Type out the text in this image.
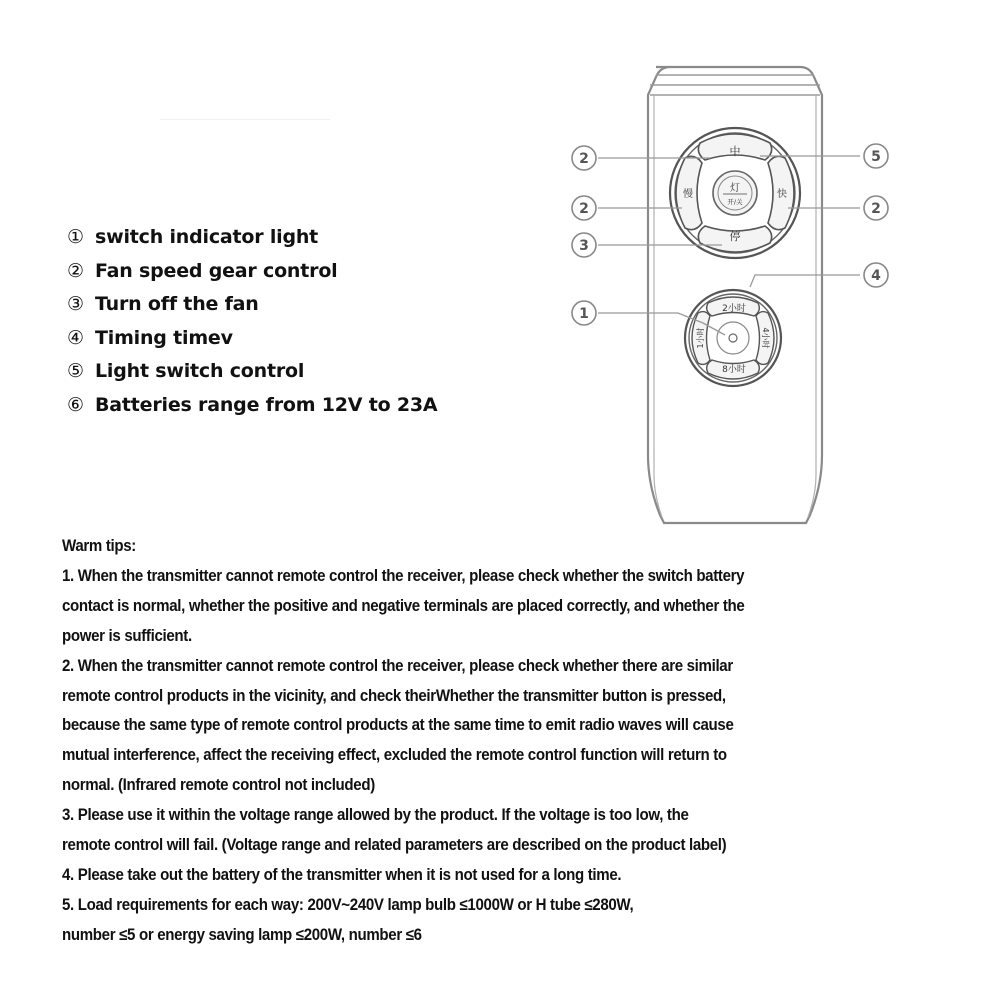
① switch indicator light
② Fan speed gear control
③ Turn off the fan
④ Timing timev
⑤ Light switch control
⑥ Batteries range from 12V to 23A
中
停
慢	快
灯
开/关
2小时
8小时
1小时	4小时
2
2
3
1
5
2
4
Warm tips:
1. When the transmitter cannot remote control the receiver, please check whether the switch battery
contact is normal, whether the positive and negative terminals are placed correctly, and whether the
power is sufficient.
2. When the transmitter cannot remote control the receiver, please check whether there are similar
remote control products in the vicinity, and check theirWhether the transmitter button is pressed,
because the same type of remote control products at the same time to emit radio waves will cause
mutual interference, affect the receiving effect, excluded the remote control function will return to
normal. (Infrared remote control not included)
3. Please use it within the voltage range allowed by the product. If the voltage is too low, the
remote control will fail. (Voltage range and related parameters are described on the product label)
4. Please take out the battery of the transmitter when it is not used for a long time.
5. Load requirements for each way: 200V~240V lamp bulb ≤1000W or H tube ≤280W,
number ≤5 or energy saving lamp ≤200W, number ≤6
